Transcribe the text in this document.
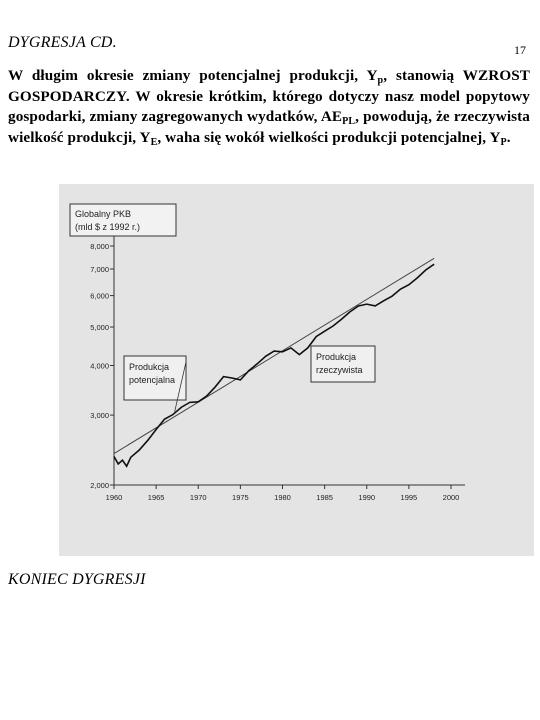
DYGRESJA CD.	17
W długim okresie zmiany potencjalnej produkcji, $Y_p$, stanowią WZROST GOSPODARCZY. W okresie krótkim, którego dotyczy nasz model popytowy gospodarki, zmiany zagregowanych wydatków, $AE_{PL}$, powodują, że rzeczywista wielkość produkcji, $Y_E$, waha się wokół wielkości produkcji potencjalnej, $Y_P$.
2,000
3,000
4,000
5,000
6,000
7,000
8,000
1960	1965	1970	1975	1980	1985	1990	1995	2000
Globalny PKB
(mld $ z 1992 r.)
Produkcja
potencjalna
Produkcja
rzeczywista
KONIEC DYGRESJI
